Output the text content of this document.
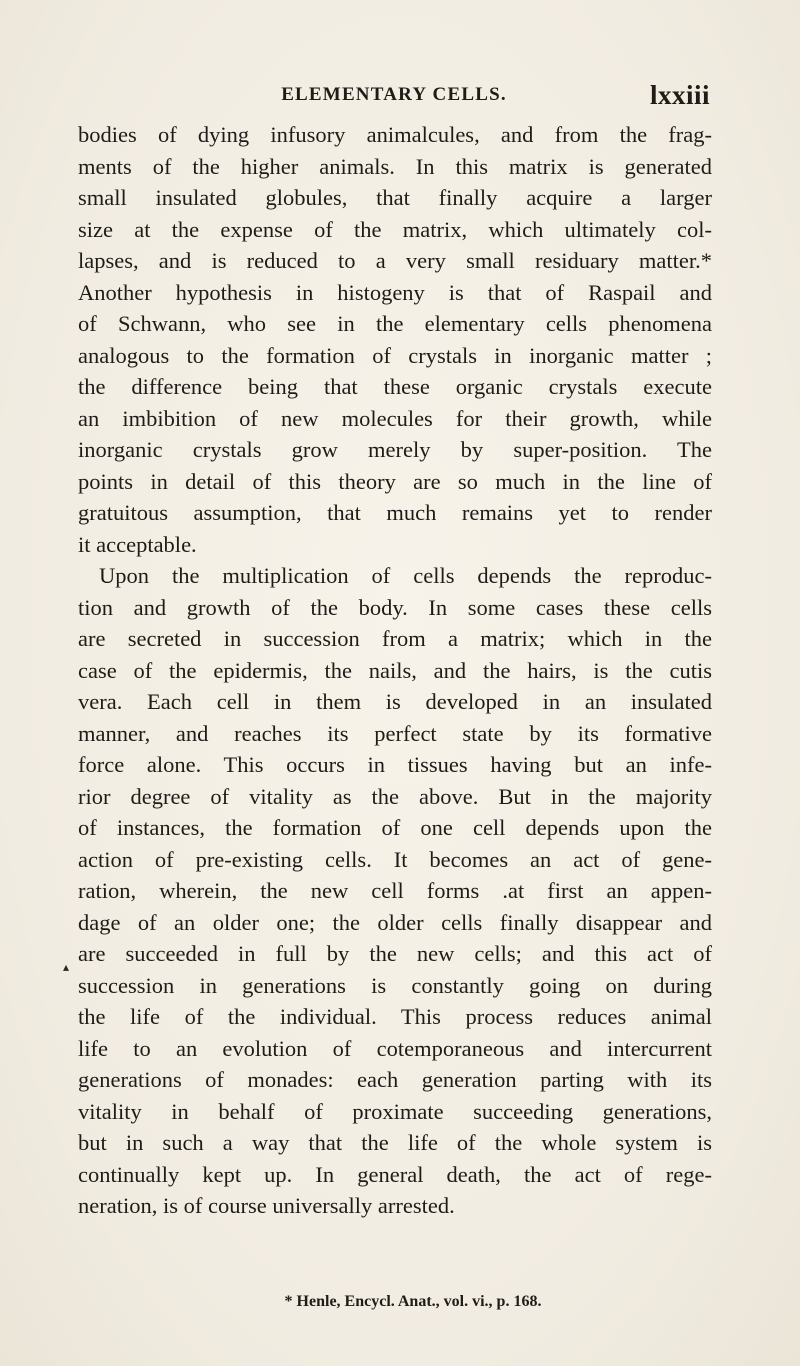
ELEMENTARY CELLS.	lxxiii
bodies of dying infusory animalcules, and from the frag-
ments of the higher animals. In this matrix is generated
small insulated globules, that finally acquire a larger
size at the expense of the matrix, which ultimately col-
lapses, and is reduced to a very small residuary matter.*
Another hypothesis in histogeny is that of Raspail and
of Schwann, who see in the elementary cells phenomena
analogous to the formation of crystals in inorganic matter ;
the difference being that these organic crystals execute
an imbibition of new molecules for their growth, while
inorganic crystals grow merely by super-position. The
points in detail of this theory are so much in the line of
gratuitous assumption, that much remains yet to render
it acceptable.
Upon the multiplication of cells depends the reproduc-
tion and growth of the body. In some cases these cells
are secreted in succession from a matrix; which in the
case of the epidermis, the nails, and the hairs, is the cutis
vera. Each cell in them is developed in an insulated
manner, and reaches its perfect state by its formative
force alone. This occurs in tissues having but an infe-
rior degree of vitality as the above. But in the majority
of instances, the formation of one cell depends upon the
action of pre-existing cells. It becomes an act of gene-
ration, wherein, the new cell forms .at first an appen-
dage of an older one; the older cells finally disappear and
are succeeded in full by the new cells; and this act of
succession in generations is constantly going on during
the life of the individual. This process reduces animal
life to an evolution of cotemporaneous and intercurrent
generations of monades: each generation parting with its
vitality in behalf of proximate succeeding generations,
but in such a way that the life of the whole system is
continually kept up. In general death, the act of rege-
neration, is of course universally arrested.
▴
* Henle, Encycl. Anat., vol. vi., p. 168.
